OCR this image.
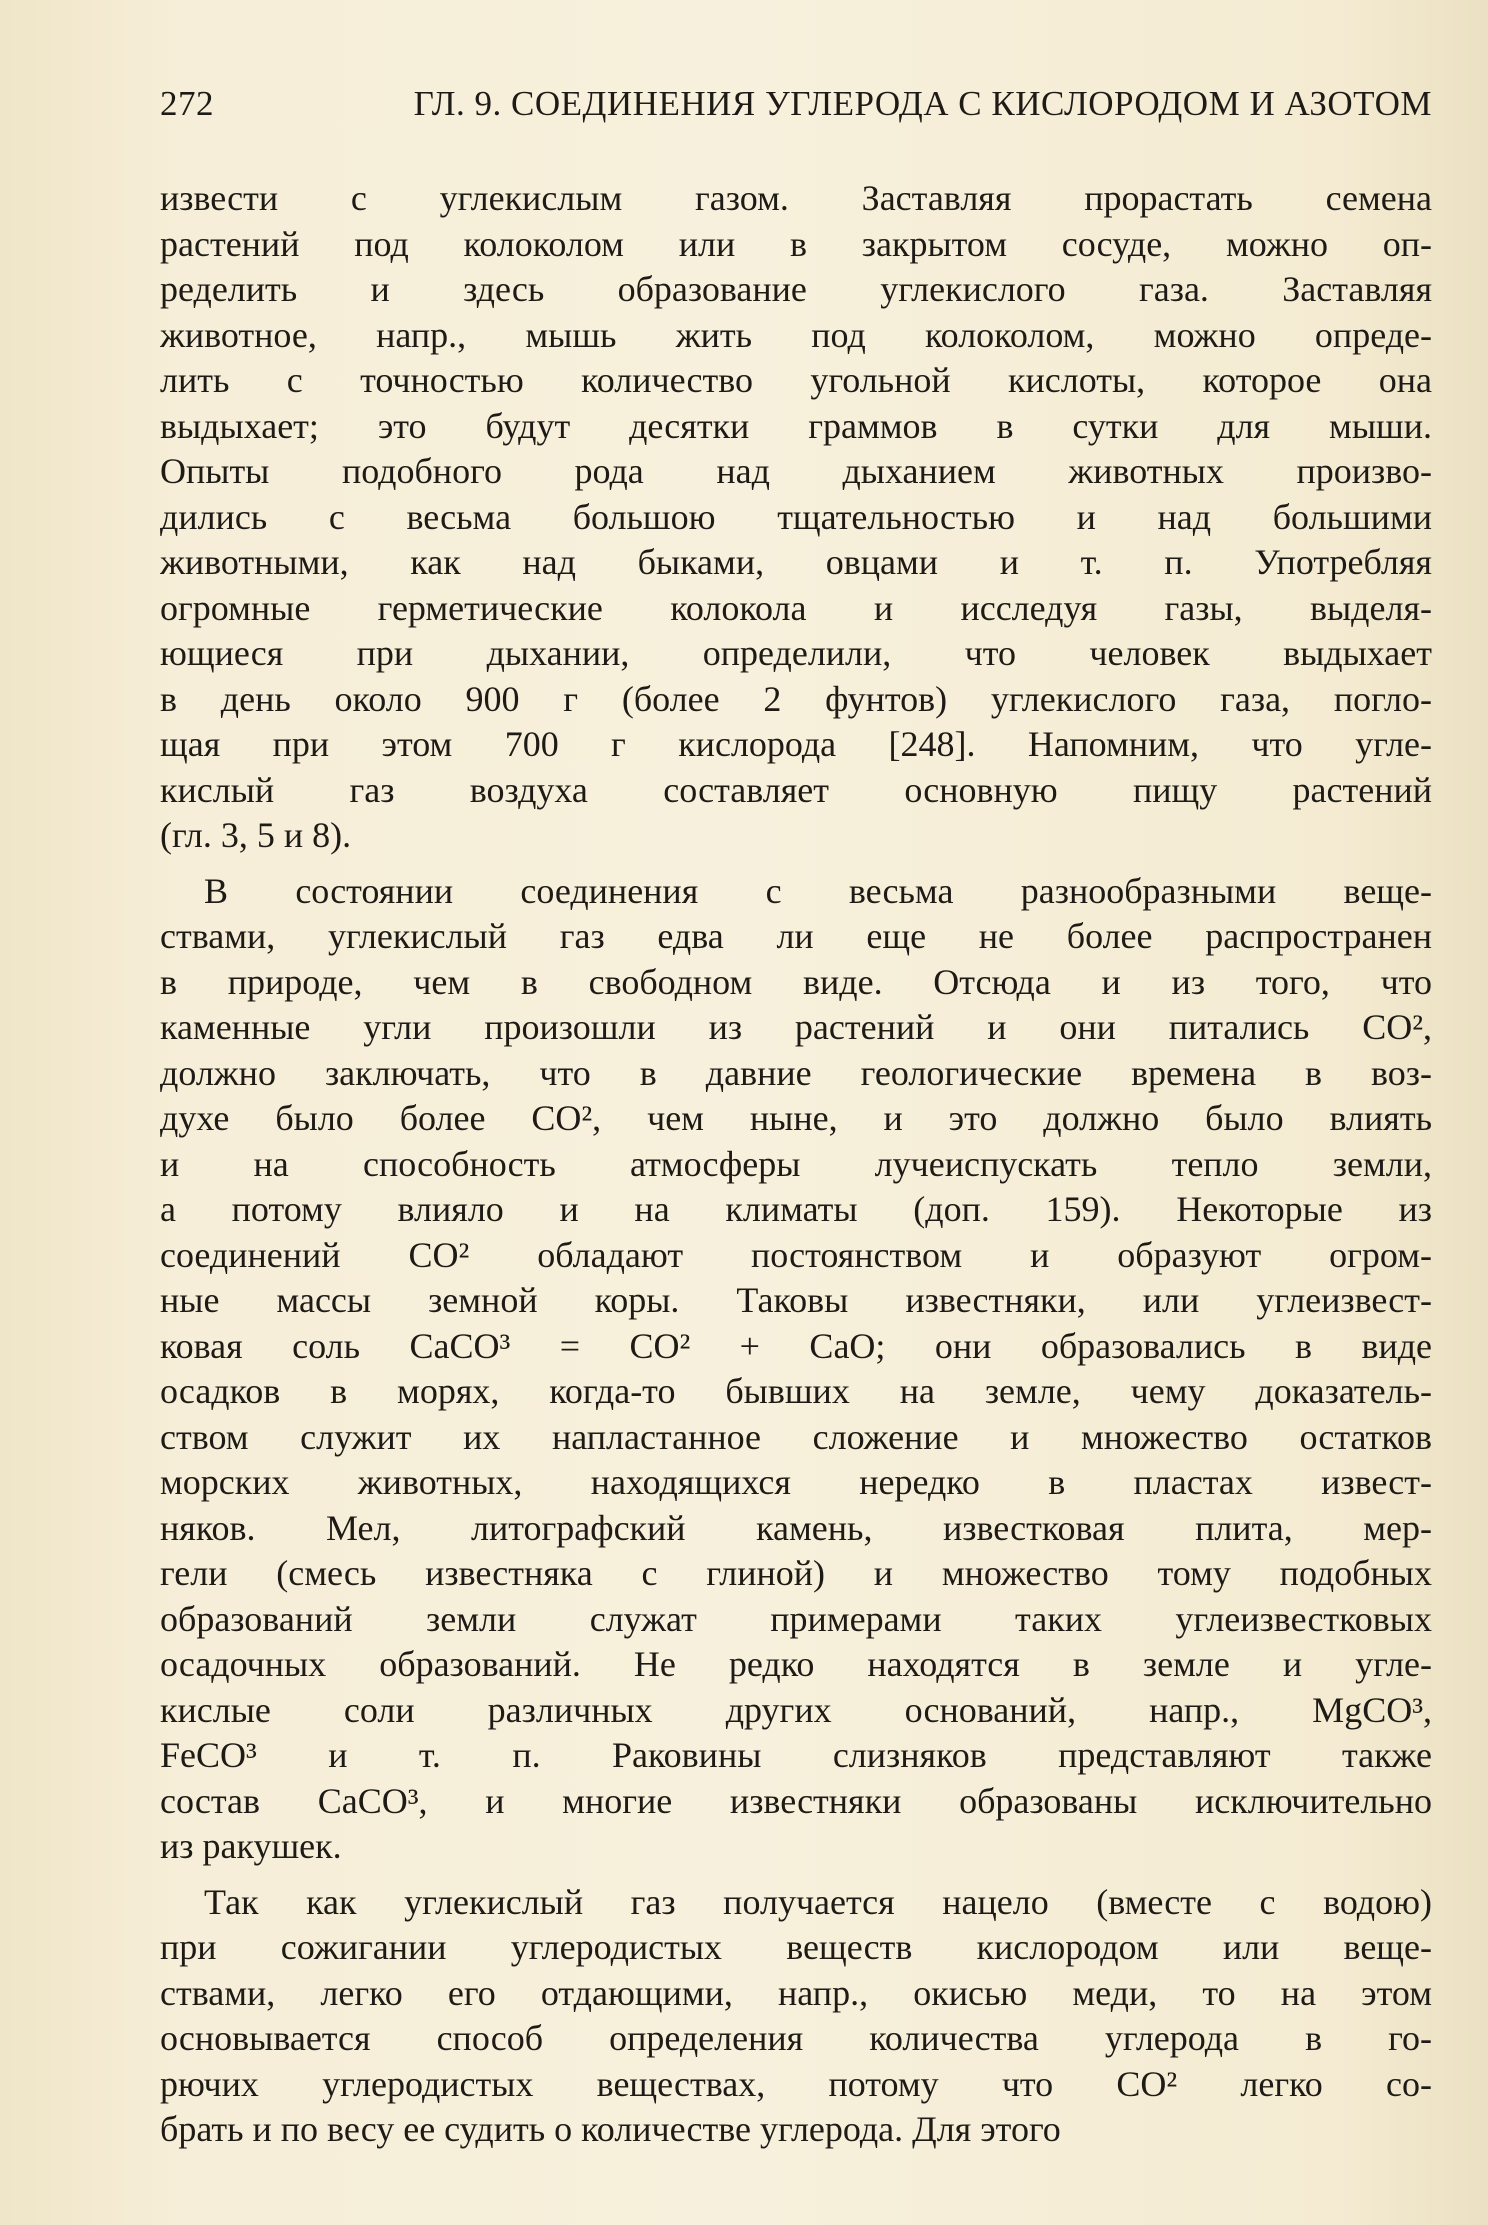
272	ГЛ. 9. СОЕДИНЕНИЯ УГЛЕРОДА С КИСЛОРОДОМ И АЗОТОМ
извести с углекислым газом. Заставляя прорастать семена
растений под колоколом или в закрытом сосуде, можно оп-
ределить и здесь образование углекислого газа. Заставляя
животное, напр., мышь жить под колоколом, можно опреде-
лить с точностью количество угольной кислоты, которое она
выдыхает; это будут десятки граммов в сутки для мыши.
Опыты подобного рода над дыханием животных произво-
дились с весьма большою тщательностью и над большими
животными, как над быками, овцами и т. п. Употребляя
огромные герметические колокола и исследуя газы, выделя-
ющиеся при дыхании, определили, что человек выдыхает
в день около 900 г (более 2 фунтов) углекислого газа, погло-
щая при этом 700 г кислорода [248]. Напомним, что угле-
кислый газ воздуха составляет основную пищу растений
(гл. 3, 5 и 8).
В состоянии соединения с весьма разнообразными веще-
ствами, углекислый газ едва ли еще не более распространен
в природе, чем в свободном виде. Отсюда и из того, что
каменные угли произошли из растений и они питались CO²,
должно заключать, что в давние геологические времена в воз-
духе было более CO², чем ныне, и это должно было влиять
и на способность атмосферы лучеиспускать тепло земли,
а потому влияло и на климаты (доп. 159). Некоторые из
соединений CO² обладают постоянством и образуют огром-
ные массы земной коры. Таковы известняки, или углеизвест-
ковая соль CaCO³ = CO² + CaO; они образовались в виде
осадков в морях, когда-то бывших на земле, чему доказатель-
ством служит их напластанное сложение и множество остатков
морских животных, находящихся нередко в пластах извест-
няков. Мел, литографский камень, известковая плита, мер-
гели (смесь известняка с глиной) и множество тому подобных
образований земли служат примерами таких углеизвестковых
осадочных образований. Не редко находятся в земле и угле-
кислые соли различных других оснований, напр., MgCO³,
FeCO³ и т. п. Раковины слизняков представляют также
состав CaCO³, и многие известняки образованы исключительно
из ракушек.
Так как углекислый газ получается нацело (вместе с водою)
при сожигании углеродистых веществ кислородом или веще-
ствами, легко его отдающими, напр., окисью меди, то на этом
основывается способ определения количества углерода в го-
рючих углеродистых веществах, потому что CO² легко со-
брать и по весу ее судить о количестве углерода. Для этого
